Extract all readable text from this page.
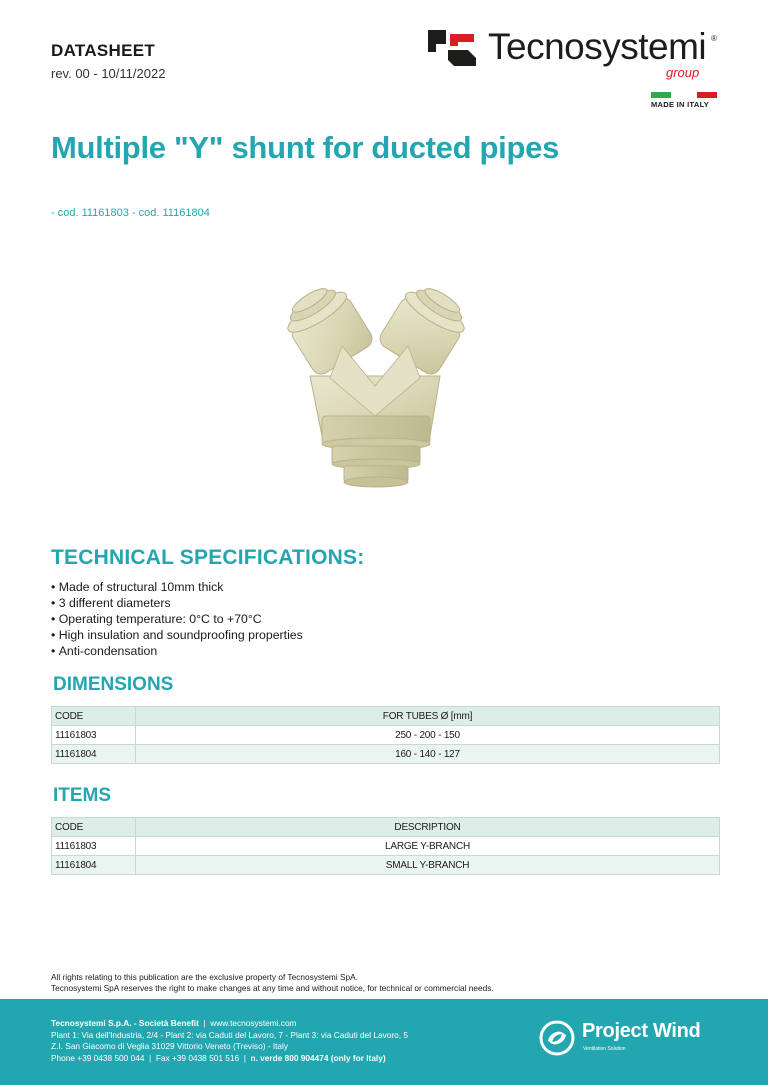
DATASHEET
rev. 00 - 10/11/2022
Tecnosystemi ®
group
MADE IN ITALY
Multiple "Y" shunt for ducted pipes
- cod. 11161803 - cod. 11161804
TECHNICAL SPECIFICATIONS:
• Made of structural 10mm thick
• 3 different diameters
• Operating temperature: 0°C to +70°C
• High insulation and soundproofing properties
• Anti-condensation
DIMENSIONS
CODE	FOR TUBES Ø [mm]
11161803	250 - 200 - 150
11161804	160 - 140 - 127
ITEMS
CODE	DESCRIPTION
11161803	LARGE Y-BRANCH
11161804	SMALL Y-BRANCH
All rights relating to this publication are the exclusive property of Tecnosystemi SpA.
Tecnosystemi SpA reserves the right to make changes at any time and without notice, for technical or commercial needs.
Tecnosystemi S.p.A. - Società Benefit  |  www.tecnosystemi.com
Plant 1: Via dell'Industria, 2/4 - Plant 2: via Caduti del Lavoro, 7 - Plant 3: via Caduti del Lavoro, 5
Z.I. San Giacomo di Veglia 31029 Vittorio Veneto (Treviso) - Italy
Phone +39 0438 500 044  |  Fax +39 0438 501 516  |  n. verde 800 904474 (only for Italy)
Project Wind
Ventilation Solution
